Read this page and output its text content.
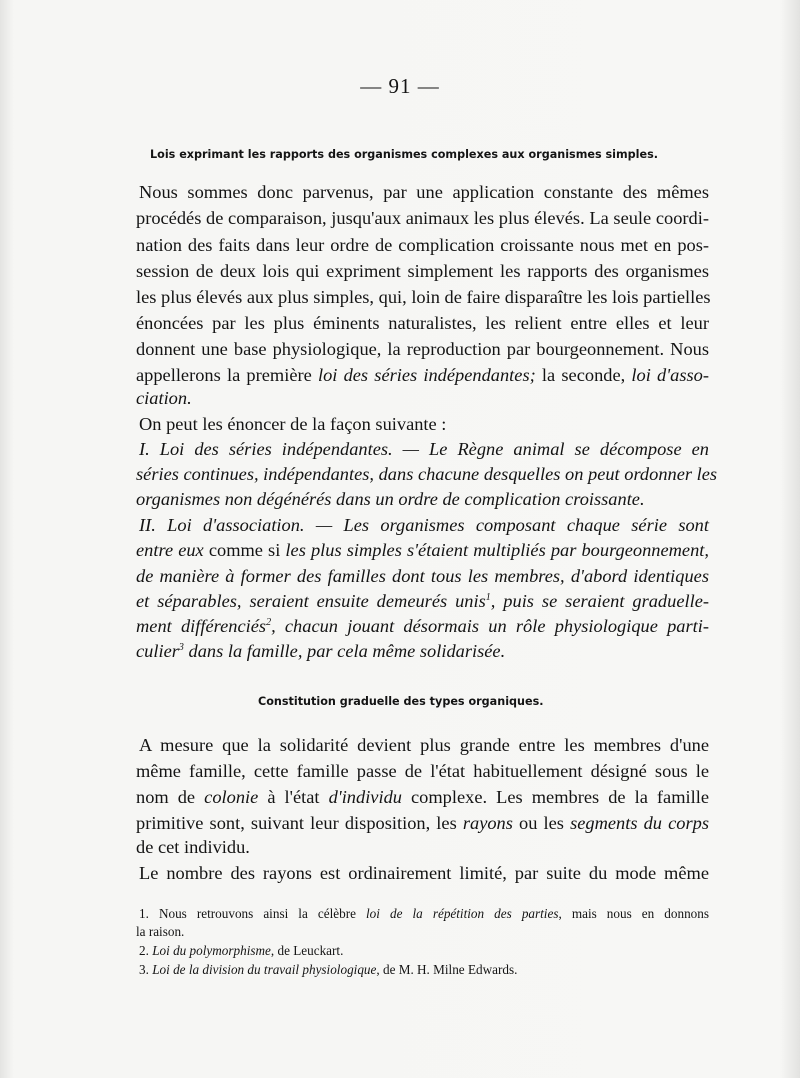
— 91 —
Lois exprimant les rapports des organismes complexes aux organismes simples.
Nous sommes donc parvenus, par une application constante des mêmes
procédés de comparaison, jusqu'aux animaux les plus élevés. La seule coordi-
nation des faits dans leur ordre de complication croissante nous met en pos-
session de deux lois qui expriment simplement les rapports des organismes
les plus élevés aux plus simples, qui, loin de faire disparaître les lois partielles
énoncées par les plus éminents naturalistes, les relient entre elles et leur
donnent une base physiologique, la reproduction par bourgeonnement. Nous
appellerons la première loi des séries indépendantes; la seconde, loi d'asso-
ciation.
On peut les énoncer de la façon suivante :
I. Loi des séries indépendantes. — Le Règne animal se décompose en
séries continues, indépendantes, dans chacune desquelles on peut ordonner les
organismes non dégénérés dans un ordre de complication croissante.
II. Loi d'association. — Les organismes composant chaque série sont
entre eux comme si les plus simples s'étaient multipliés par bourgeonnement,
de manière à former des familles dont tous les membres, d'abord identiques
et séparables, seraient ensuite demeurés unis$^1$, puis se seraient graduelle-
ment différenciés$^2$, chacun jouant désormais un rôle physiologique parti-
culier$^3$ dans la famille, par cela même solidarisée.
Constitution graduelle des types organiques.
A mesure que la solidarité devient plus grande entre les membres d'une
même famille, cette famille passe de l'état habituellement désigné sous le
nom de colonie à l'état d'individu complexe. Les membres de la famille
primitive sont, suivant leur disposition, les rayons ou les segments du corps
de cet individu.
Le nombre des rayons est ordinairement limité, par suite du mode même
1. Nous retrouvons ainsi la célèbre loi de la répétition des parties, mais nous en donnons
la raison.
2. Loi du polymorphisme, de Leuckart.
3. Loi de la division du travail physiologique, de M. H. Milne Edwards.
